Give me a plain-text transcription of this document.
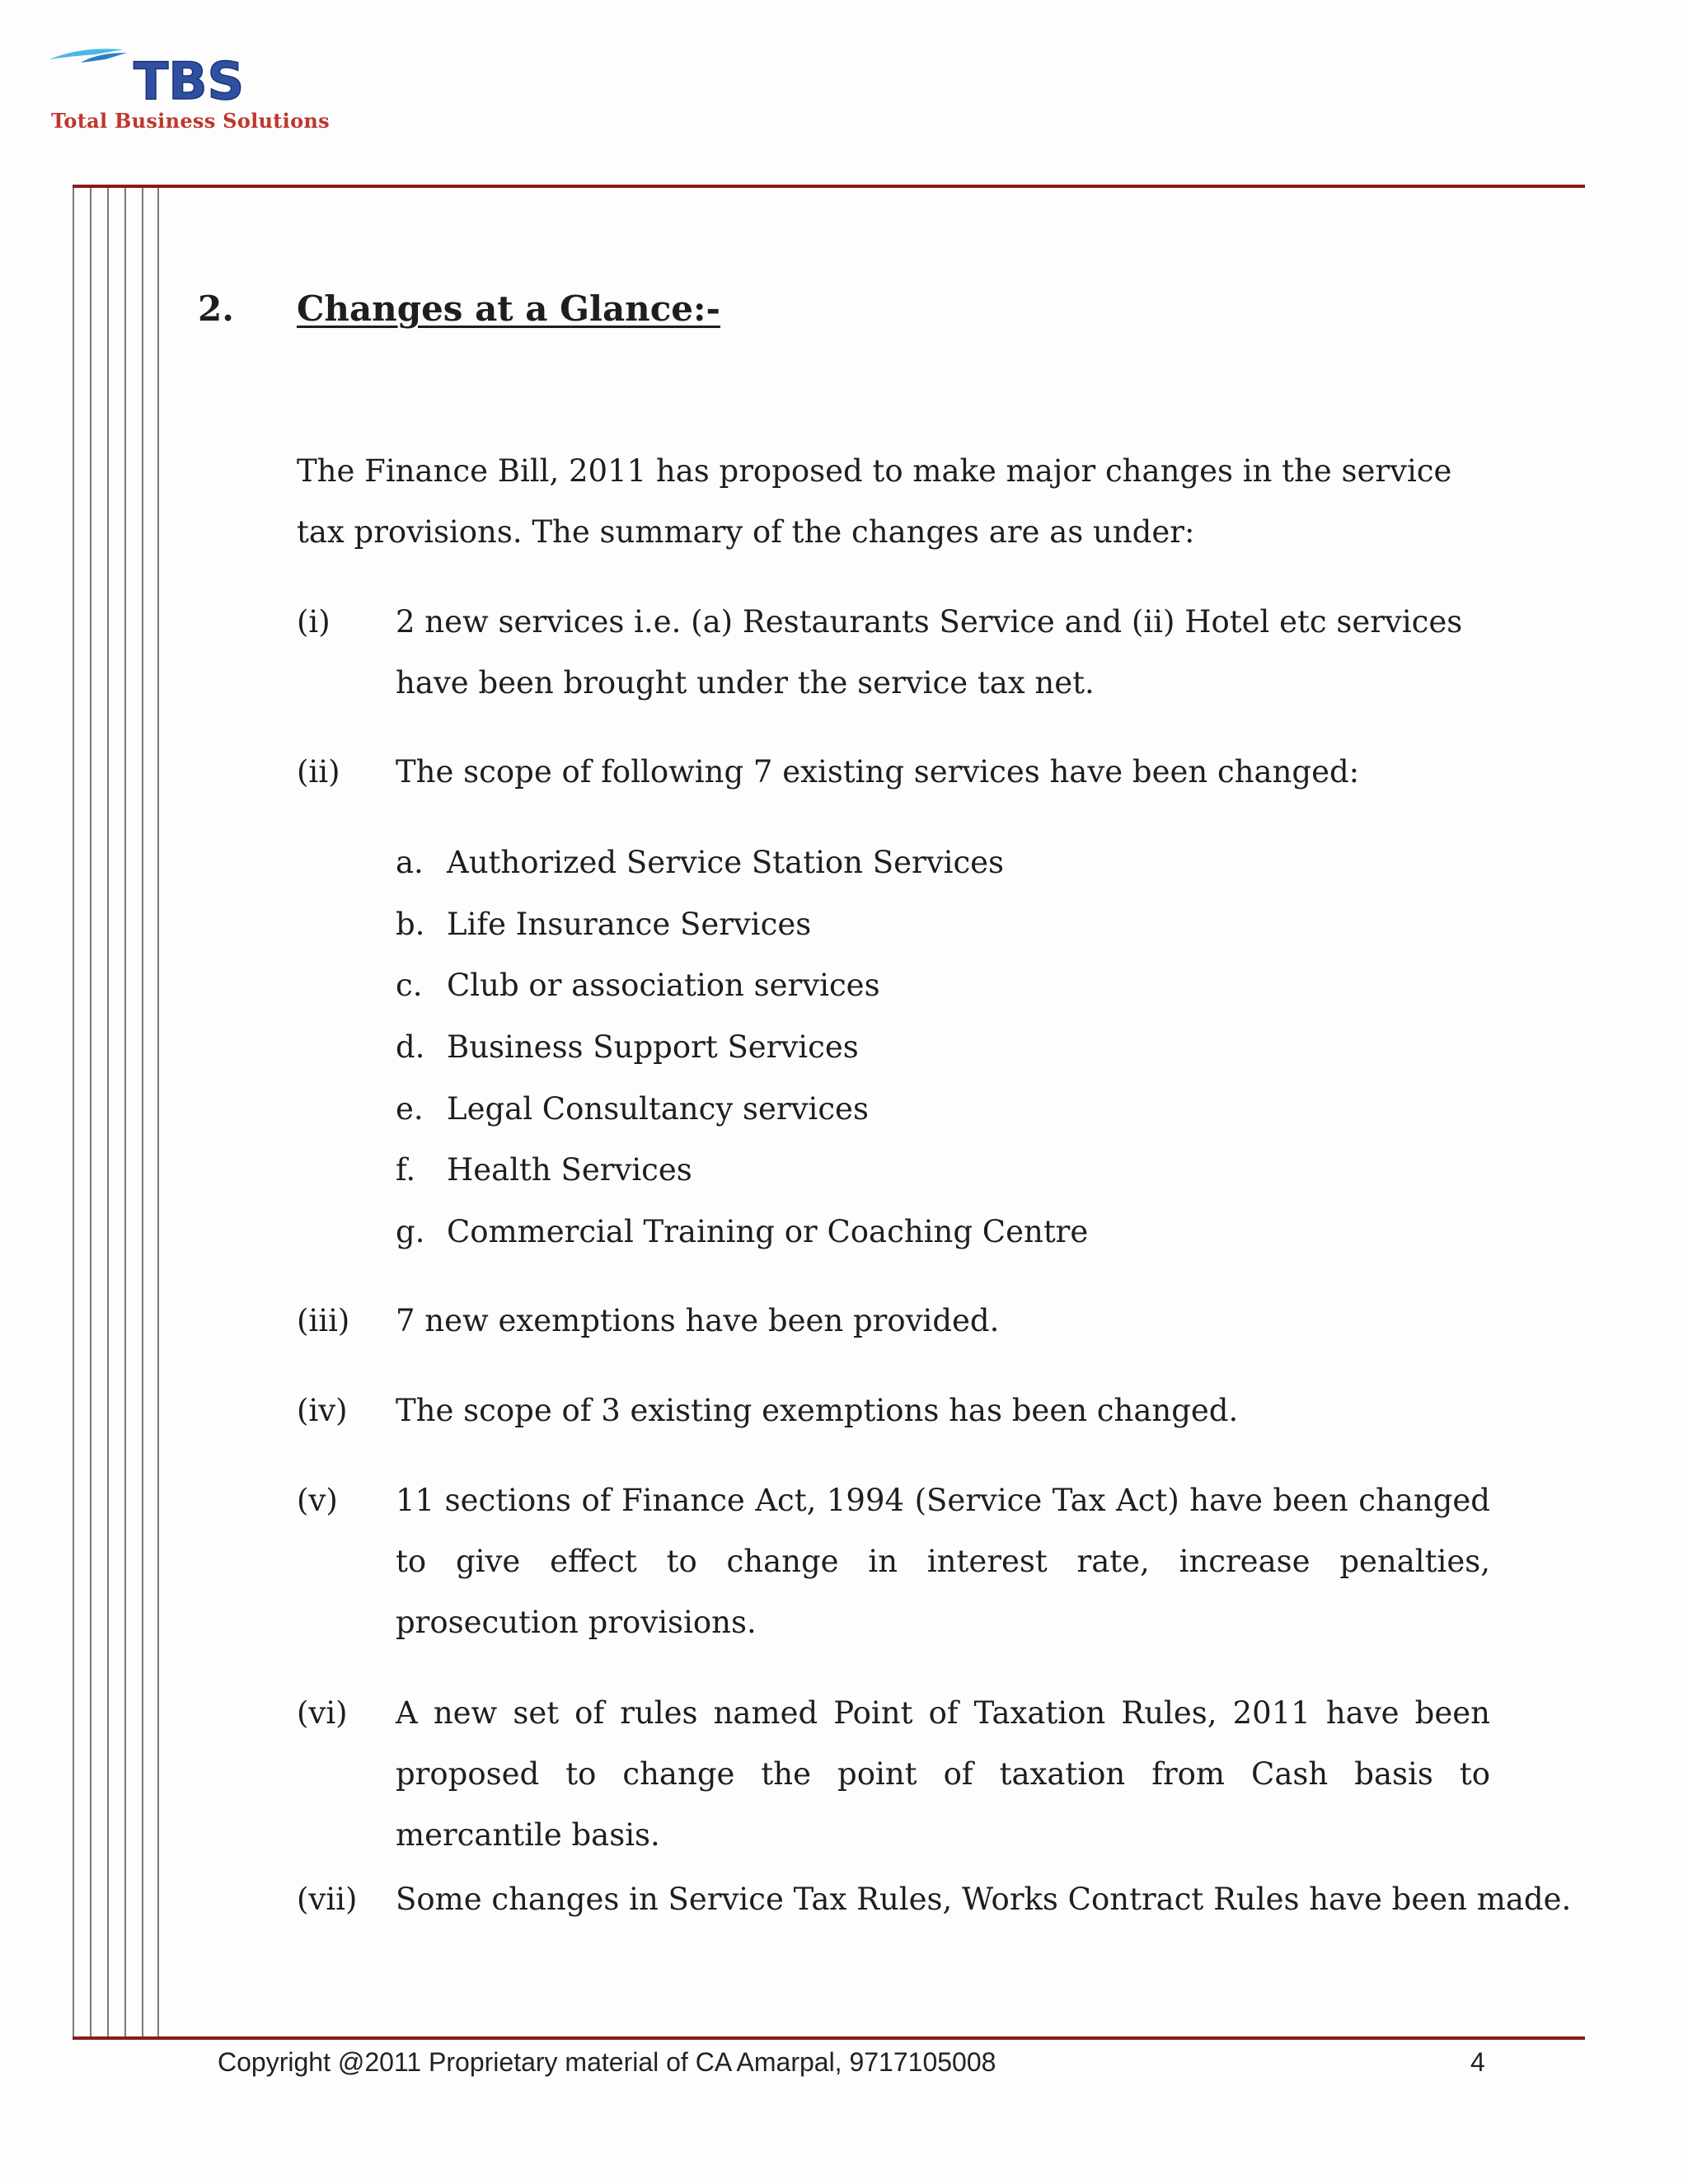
TBS
Total Business Solutions
2. Changes at a Glance:-
The Finance Bill, 2011 has proposed to make major changes in the service tax provisions. The summary of the changes are as under:
(i) 2 new services i.e. (a) Restaurants Service and (ii) Hotel etc services have been brought under the service tax net.
(ii) The scope of following 7 existing services have been changed:
a. Authorized Service Station Services
b. Life Insurance Services
c. Club or association services
d. Business Support Services
e. Legal Consultancy services
f. Health Services
g. Commercial Training or Coaching Centre
(iii) 7 new exemptions have been provided.
(iv) The scope of 3 existing exemptions has been changed.
(v) 11 sections of Finance Act, 1994 (Service Tax Act) have been changed to give effect to change in interest rate, increase penalties, prosecution provisions.
(vi) A new set of rules named Point of Taxation Rules, 2011 have been proposed to change the point of taxation from Cash basis to mercantile basis.
(vii) Some changes in Service Tax Rules, Works Contract Rules have been made.
Copyright @2011 Proprietary material of CA Amarpal, 9717105008	4
